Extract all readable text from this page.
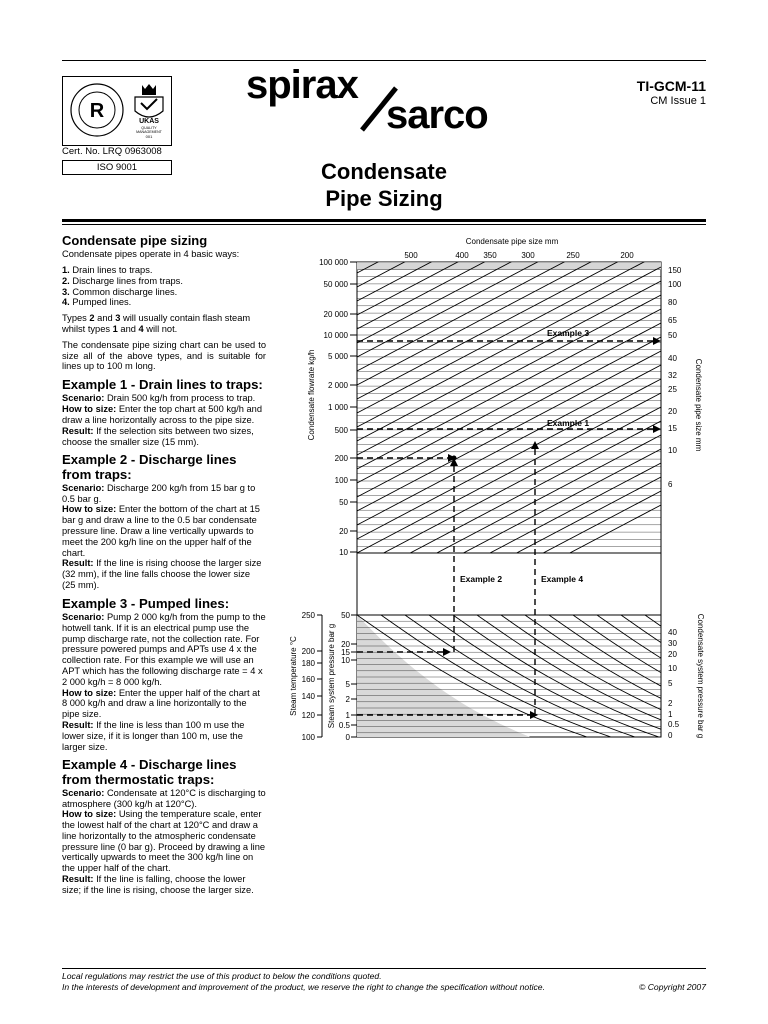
R	UKAS
QUALITY
MANAGEMENT
001
Cert. No. LRQ 0963008
ISO 9001
spirax
sarco
TI-GCM-11
CM Issue 1
Condensate
Pipe Sizing
Condensate pipe sizing

Condensate pipes operate in 4 basic ways:

1. Drain lines to traps.
2. Discharge lines from traps.
3. Common discharge lines.
4. Pumped lines.

Types 2 and 3 will usually contain flash steam whilst types 1 and 4 will not.

The condensate pipe sizing chart can be used to size all of the above types, and is suitable for lines up to 100 m long.

Example 1 - Drain lines to traps:
Scenario: Drain 500 kg/h from process to trap.
How to size: Enter the top chart at 500 kg/h and draw a line horizontally across to the pipe size.
Result: If the selection sits between two sizes, choose the smaller size (15 mm).
Example 2 - Discharge lines from traps:
Scenario: Discharge 200 kg/h from 15 bar g to 0.5 bar g.
How to size: Enter the bottom of the chart at 15 bar g and draw a line to the 0.5 bar condensate pressure line. Draw a line vertically upwards to meet the 200 kg/h line on the upper half of the chart.
Result: If the line is rising choose the larger size (32 mm), if the line falls choose the lower size (25 mm).
Example 3 - Pumped lines:
Scenario: Pump 2 000 kg/h from the pump to the hotwell tank. If it is an electrical pump use the pump discharge rate, not the collection rate. For pressure powered pumps and APTs use 4 x the collection rate. For this example we will use an APT which has the following discharge rate = 4 x 2 000 kg/h = 8 000 kg/h.
How to size: Enter the upper half of the chart at 8 000 kg/h and draw a line horizontally to the pipe size.
Result: If the line is less than 100 m use the lower size, if it is longer than 100 m, use the larger size.
Example 4 - Discharge lines from thermostatic traps:
Scenario: Condensate at 120°C is discharging to atmosphere (300 kg/h at 120°C).
How to size: Using the temperature scale, enter the lowest half of the chart at 120°C and draw a line horizontally to the atmospheric condensate pressure line (0 bar g). Proceed by drawing a line vertically upwards to meet the 300 kg/h line on the upper half of the chart.
Result: If the line is falling, choose the lower size; if the line is rising, choose the larger size.
100 000
50 000
20 000
10 000
5 000
2 000
1 000
500
200
100
50
20
10
150
100
80
65
50
40
32
25
20
15
10
6
500	400 350	300	250	200
250
200
180
160
140
120
100
50
20
15
10
5
2
1
0.5
0
40
30
20
10
5
2
1
0.5
0
Condensate pipe size mm
Condensate flowrate kg/h	Condensate pipe size mm
Steam temperature °C	Steam system pressure bar g	Condensate system pressure bar g
Example 3
Example 1
Example 2	Example 4
Local regulations may restrict the use of this product to below the conditions quoted.
In the interests of development and improvement of the product, we reserve the right to change the specification without notice.	© Copyright 2007
